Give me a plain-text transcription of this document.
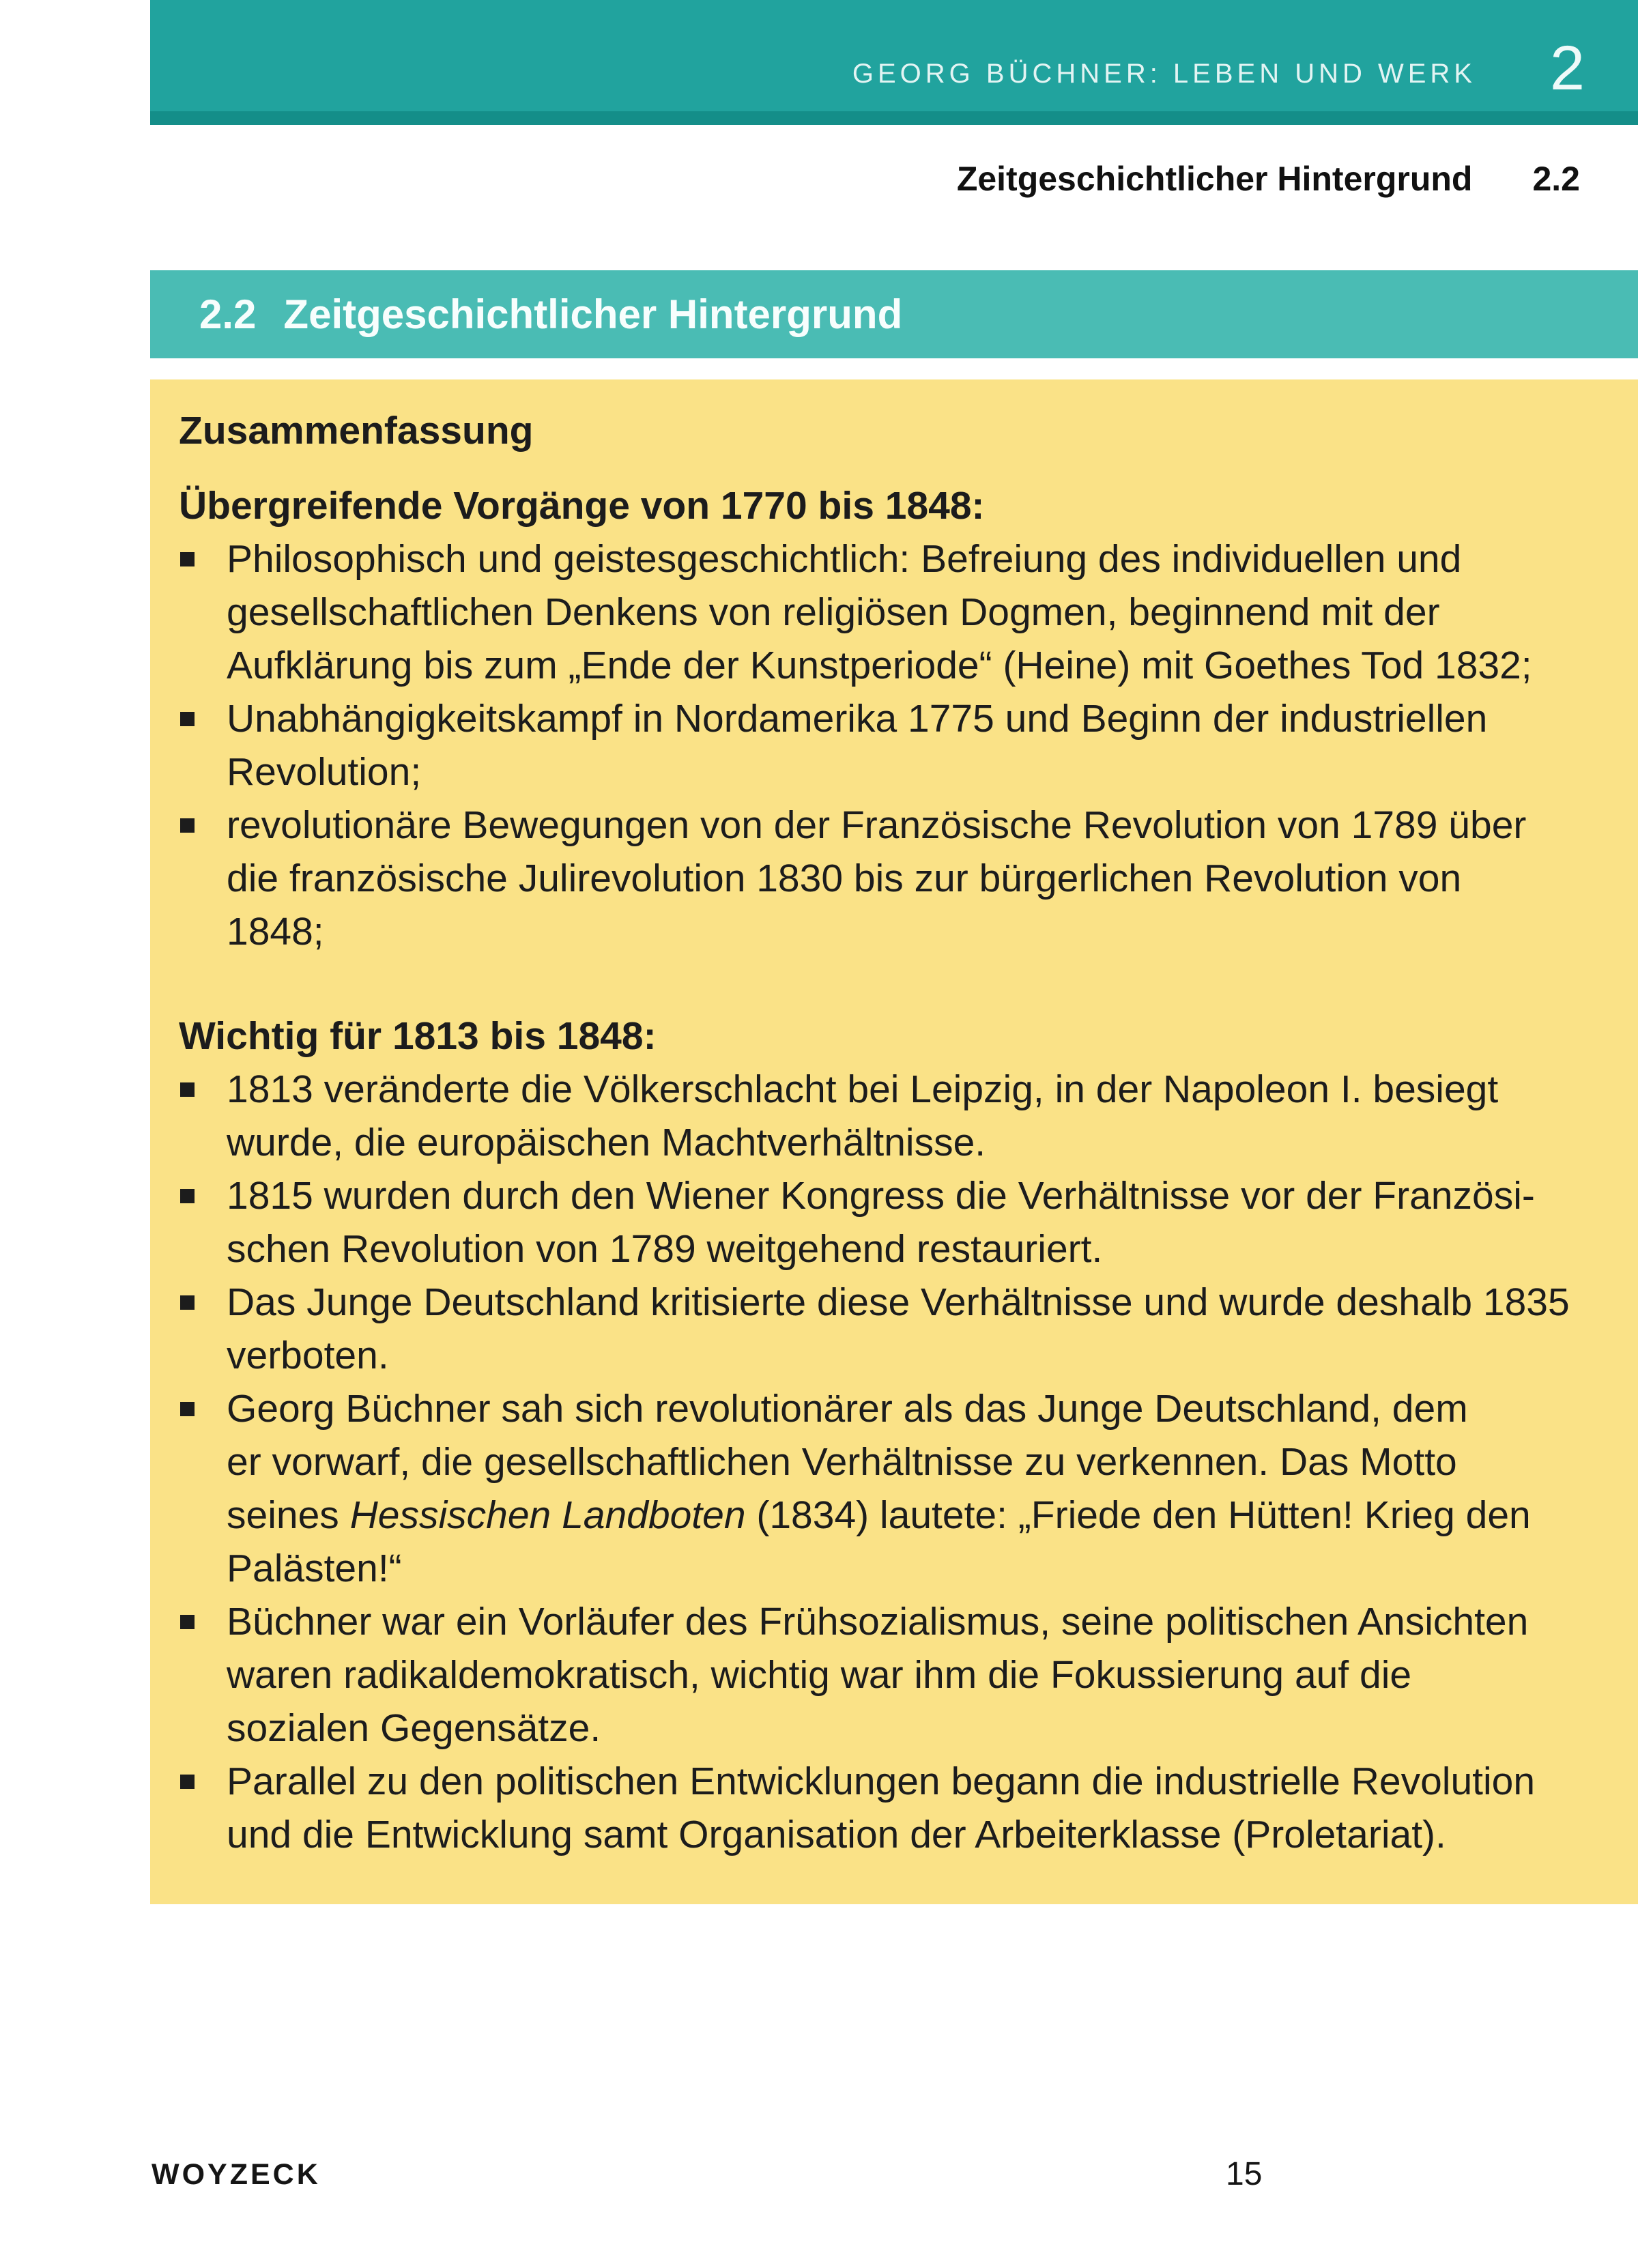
GEORG BÜCHNER: LEBEN UND WERK 2
Zeitgeschichtlicher Hintergrund 2.2
2.2 Zeitgeschichtlicher Hintergrund
Zusammenfassung
Übergreifende Vorgänge von 1770 bis 1848:
Philosophisch und geistesgeschichtlich: Befreiung des individuellen und
gesellschaftlichen Denkens von religiösen Dogmen, beginnend mit der
Aufklärung bis zum „Ende der Kunstperiode“ (Heine) mit Goethes Tod 1832;
Unabhängigkeitskampf in Nordamerika 1775 und Beginn der industriellen
Revolution;
revolutionäre Bewegungen von der Französische Revolution von 1789 über
die französische Julirevolution 1830 bis zur bürgerlichen Revolution von
1848;
Wichtig für 1813 bis 1848:
1813 veränderte die Völkerschlacht bei Leipzig, in der Napoleon I. besiegt
wurde, die europäischen Machtverhältnisse.
1815 wurden durch den Wiener Kongress die Verhältnisse vor der Französi-
schen Revolution von 1789 weitgehend restauriert.
Das Junge Deutschland kritisierte diese Verhältnisse und wurde deshalb 1835
verboten.
Georg Büchner sah sich revolutionärer als das Junge Deutschland, dem
er vorwarf, die gesellschaftlichen Verhältnisse zu verkennen. Das Motto
seines Hessischen Landboten (1834) lautete: „Friede den Hütten! Krieg den
Palästen!“
Büchner war ein Vorläufer des Frühsozialismus, seine politischen Ansichten
waren radikaldemokratisch, wichtig war ihm die Fokussierung auf die
sozialen Gegensätze.
Parallel zu den politischen Entwicklungen begann die industrielle Revolution
und die Entwicklung samt Organisation der Arbeiterklasse (Proletariat).
WOYZECK	15
